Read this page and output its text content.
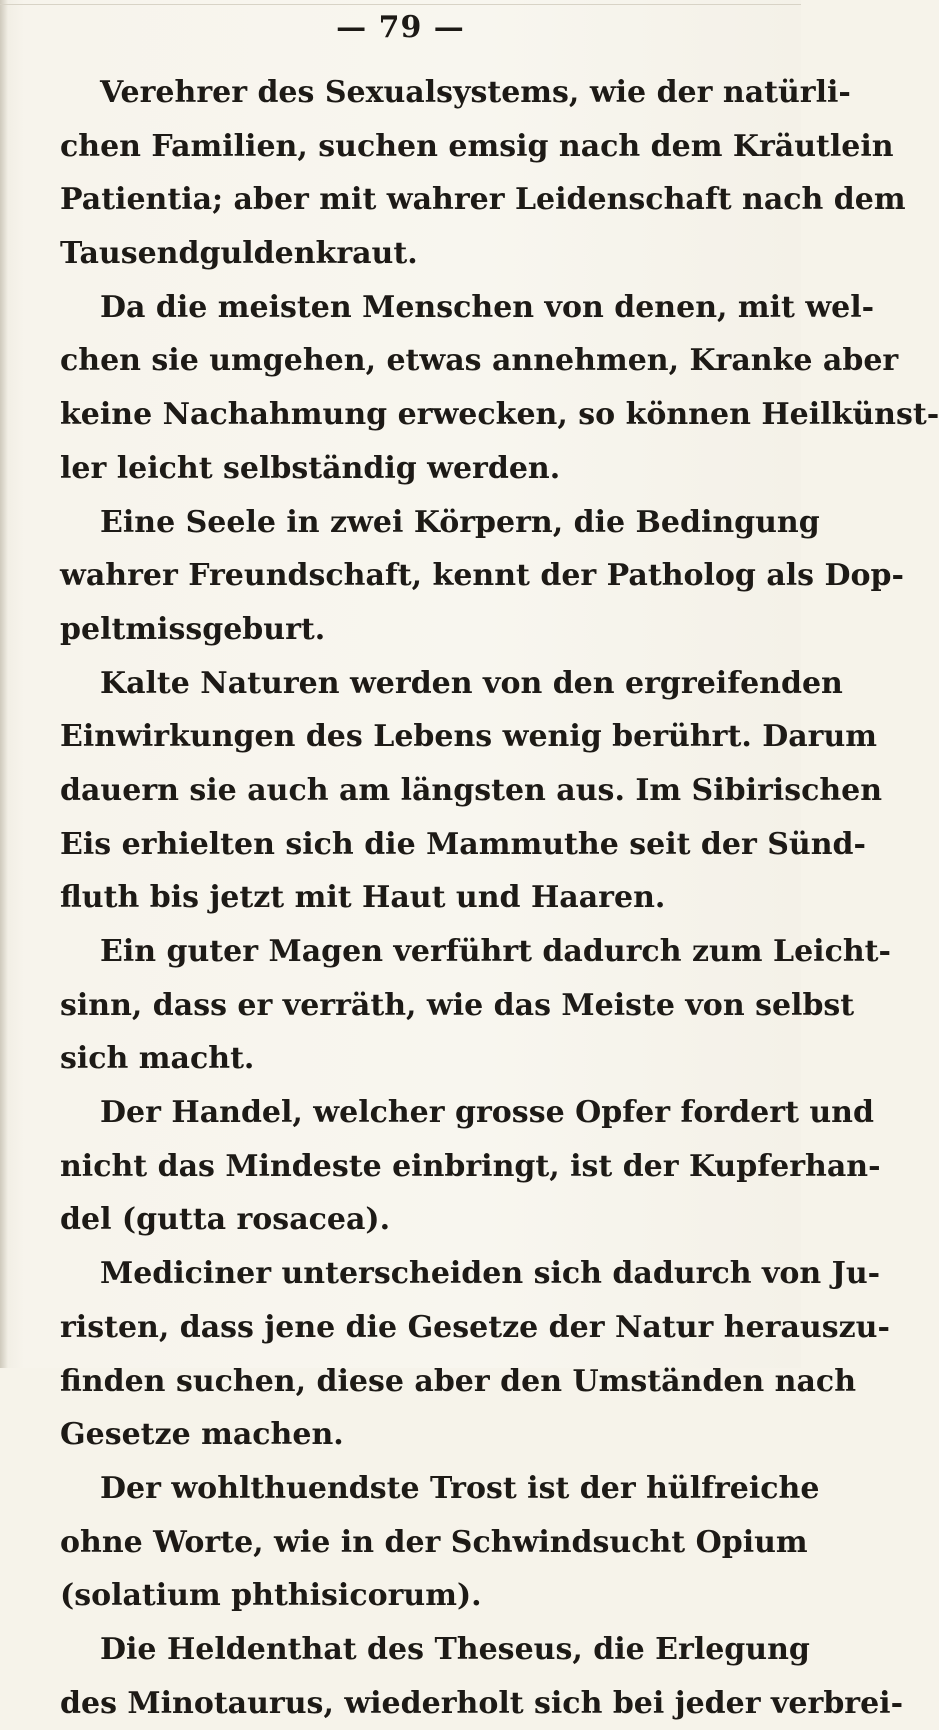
— 79 —
Verehrer des Sexualsystems, wie der natürli-
chen Familien, suchen emsig nach dem Kräutlein
Patientia; aber mit wahrer Leidenschaft nach dem
Tausendguldenkraut.
Da die meisten Menschen von denen, mit wel-
chen sie umgehen, etwas annehmen, Kranke aber
keine Nachahmung erwecken, so können Heilkünst-
ler leicht selbständig werden.
Eine Seele in zwei Körpern, die Bedingung
wahrer Freundschaft, kennt der Patholog als Dop-
peltmissgeburt.
Kalte Naturen werden von den ergreifenden
Einwirkungen des Lebens wenig berührt. Darum
dauern sie auch am längsten aus. Im Sibirischen
Eis erhielten sich die Mammuthe seit der Sünd-
fluth bis jetzt mit Haut und Haaren.
Ein guter Magen verführt dadurch zum Leicht-
sinn, dass er verräth, wie das Meiste von selbst
sich macht.
Der Handel, welcher grosse Opfer fordert und
nicht das Mindeste einbringt, ist der Kupferhan-
del (gutta rosacea).
Mediciner unterscheiden sich dadurch von Ju-
risten, dass jene die Gesetze der Natur herauszu-
finden suchen, diese aber den Umständen nach
Gesetze machen.
Der wohlthuendste Trost ist der hülfreiche
ohne Worte, wie in der Schwindsucht Opium
(solatium phthisicorum).
Die Heldenthat des Theseus, die Erlegung
des Minotaurus, wiederholt sich bei jeder verbrei-
